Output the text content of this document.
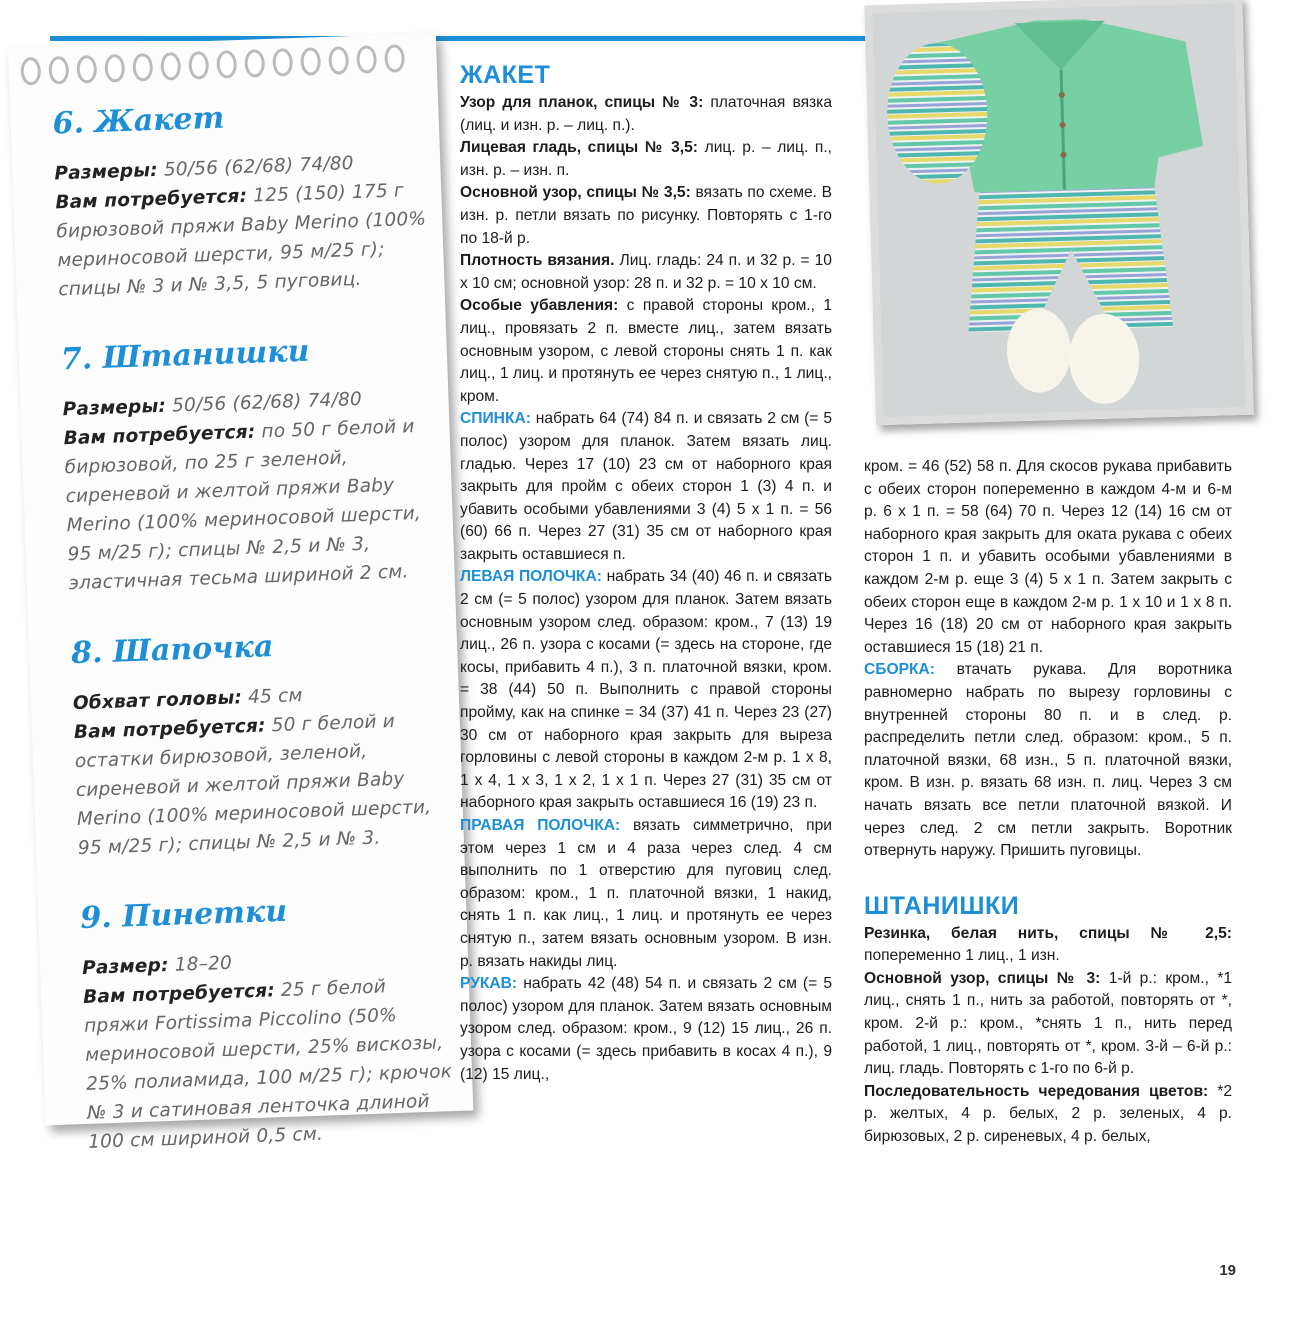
6. Жакет
Размеры: 50/56 (62/68) 74/80
Вам потребуется: 125 (150) 175 г бирюзовой пряжи Baby Merino (100% мериносовой шерсти, 95 м/25 г); спицы № 3 и № 3,5, 5 пуговиц.
7. Штанишки
Размеры: 50/56 (62/68) 74/80
Вам потребуется: по 50 г белой и бирюзовой, по 25 г зеленой, сиреневой и желтой пряжи Baby Merino (100% мериносовой шерсти, 95 м/25 г); спицы № 2,5 и № 3, эластичная тесьма шириной 2 см.
8. Шапочка
Обхват головы: 45 см
Вам потребуется: 50 г белой и остатки бирюзовой, зеленой, сиреневой и желтой пряжи Baby Merino (100% мериносовой шерсти, 95 м/25 г); спицы № 2,5 и № 3.
9. Пинетки
Размер: 18–20
Вам потребуется: 25 г белой пряжи Fortissima Piccolino (50% мериносовой шерсти, 25% вискозы, 25% полиамида, 100 м/25 г); крючок № 3 и сатиновая ленточка длиной 100 см шириной 0,5 см.
ЖАКЕТ

Узор для планок, спицы № 3: платочная вязка (лиц. и изн. р. – лиц. п.).

Лицевая гладь, спицы № 3,5: лиц. р. – лиц. п., изн. р. – изн. п.

Основной узор, спицы № 3,5: вязать по схеме. В изн. р. петли вязать по рисунку. Повторять с 1-го по 18-й р.

Плотность вязания. Лиц. гладь: 24 п. и 32 р. = 10 х 10 см; основной узор: 28 п. и 32 р. = 10 х 10 см.

Особые убавления: с правой стороны кром., 1 лиц., провязать 2 п. вместе лиц., затем вязать основным узором, с левой стороны снять 1 п. как лиц., 1 лиц. и протянуть ее через снятую п., 1 лиц., кром.

СПИНКА: набрать 64 (74) 84 п. и связать 2 см (= 5 полос) узором для планок. Затем вязать лиц. гладью. Через 17 (10) 23 см от наборного края закрыть для пройм с обеих сторон 1 (3) 4 п. и убавить особыми убавлениями 3 (4) 5 х 1 п. = 56 (60) 66 п. Через 27 (31) 35 см от наборного края закрыть оставшиеся п.

ЛЕВАЯ ПОЛОЧКА: набрать 34 (40) 46 п. и связать 2 см (= 5 полос) узором для планок. Затем вязать основным узором след. образом: кром., 7 (13) 19 лиц., 26 п. узора с косами (= здесь на стороне, где косы, прибавить 4 п.), 3 п. платочной вязки, кром. = 38 (44) 50 п. Выполнить с правой стороны пройму, как на спинке = 34 (37) 41 п. Через 23 (27) 30 см от наборного края закрыть для выреза горловины с левой стороны в каждом 2-м р. 1 х 8, 1 х 4, 1 х 3, 1 х 2, 1 х 1 п. Через 27 (31) 35 см от наборного края закрыть оставшиеся 16 (19) 23 п.

ПРАВАЯ ПОЛОЧКА: вязать симметрично, при этом через 1 см и 4 раза через след. 4 см выполнить по 1 отверстию для пуговиц след. образом: кром., 1 п. платочной вязки, 1 накид, снять 1 п. как лиц., 1 лиц. и протянуть ее через снятую п., затем вязать основным узором. В изн. р. вязать накиды лиц.

РУКАВ: набрать 42 (48) 54 п. и связать 2 см (= 5 полос) узором для планок. Затем вязать основным узором след. образом: кром., 9 (12) 15 лиц., 26 п. узора с косами (= здесь прибавить в косах 4 п.), 9 (12) 15 лиц.,

кром. = 46 (52) 58 п. Для скосов рукава прибавить с обеих сторон попеременно в каждом 4-м и 6-м р. 6 х 1 п. = 58 (64) 70 п. Через 12 (14) 16 см от наборного края закрыть для оката рукава с обеих сторон 1 п. и убавить особыми убавлениями в каждом 2-м р. еще 3 (4) 5 х 1 п. Затем закрыть с обеих сторон еще в каждом 2-м р. 1 х 10 и 1 х 8 п. Через 16 (18) 20 см от наборного края закрыть оставшиеся 15 (18) 21 п.

СБОРКА: втачать рукава. Для воротника равномерно набрать по вырезу горловины с внутренней стороны 80 п. и в след. р. распределить петли след. образом: кром., 5 п. платочной вязки, 68 изн., 5 п. платочной вязки, кром. В изн. р. вязать 68 изн. п. лиц. Через 3 см начать вязать все петли платочной вязкой. И через след. 2 см петли закрыть. Воротник отвернуть наружу. Пришить пуговицы.

ШТАНИШКИ

Резинка, белая нить, спицы № 2,5: попеременно 1 лиц., 1 изн.

Основной узор, спицы № 3: 1-й р.: кром., *1 лиц., снять 1 п., нить за работой, повторять от *, кром. 2-й р.: кром., *снять 1 п., нить перед работой, 1 лиц., повторять от *, кром. 3-й – 6-й р.: лиц. гладь. Повторять с 1-го по 6-й р.

Последовательность чередования цветов: *2 р. желтых, 4 р. белых, 2 р. зеленых, 4 р. бирюзовых, 2 р. сиреневых, 4 р. белых,

19
